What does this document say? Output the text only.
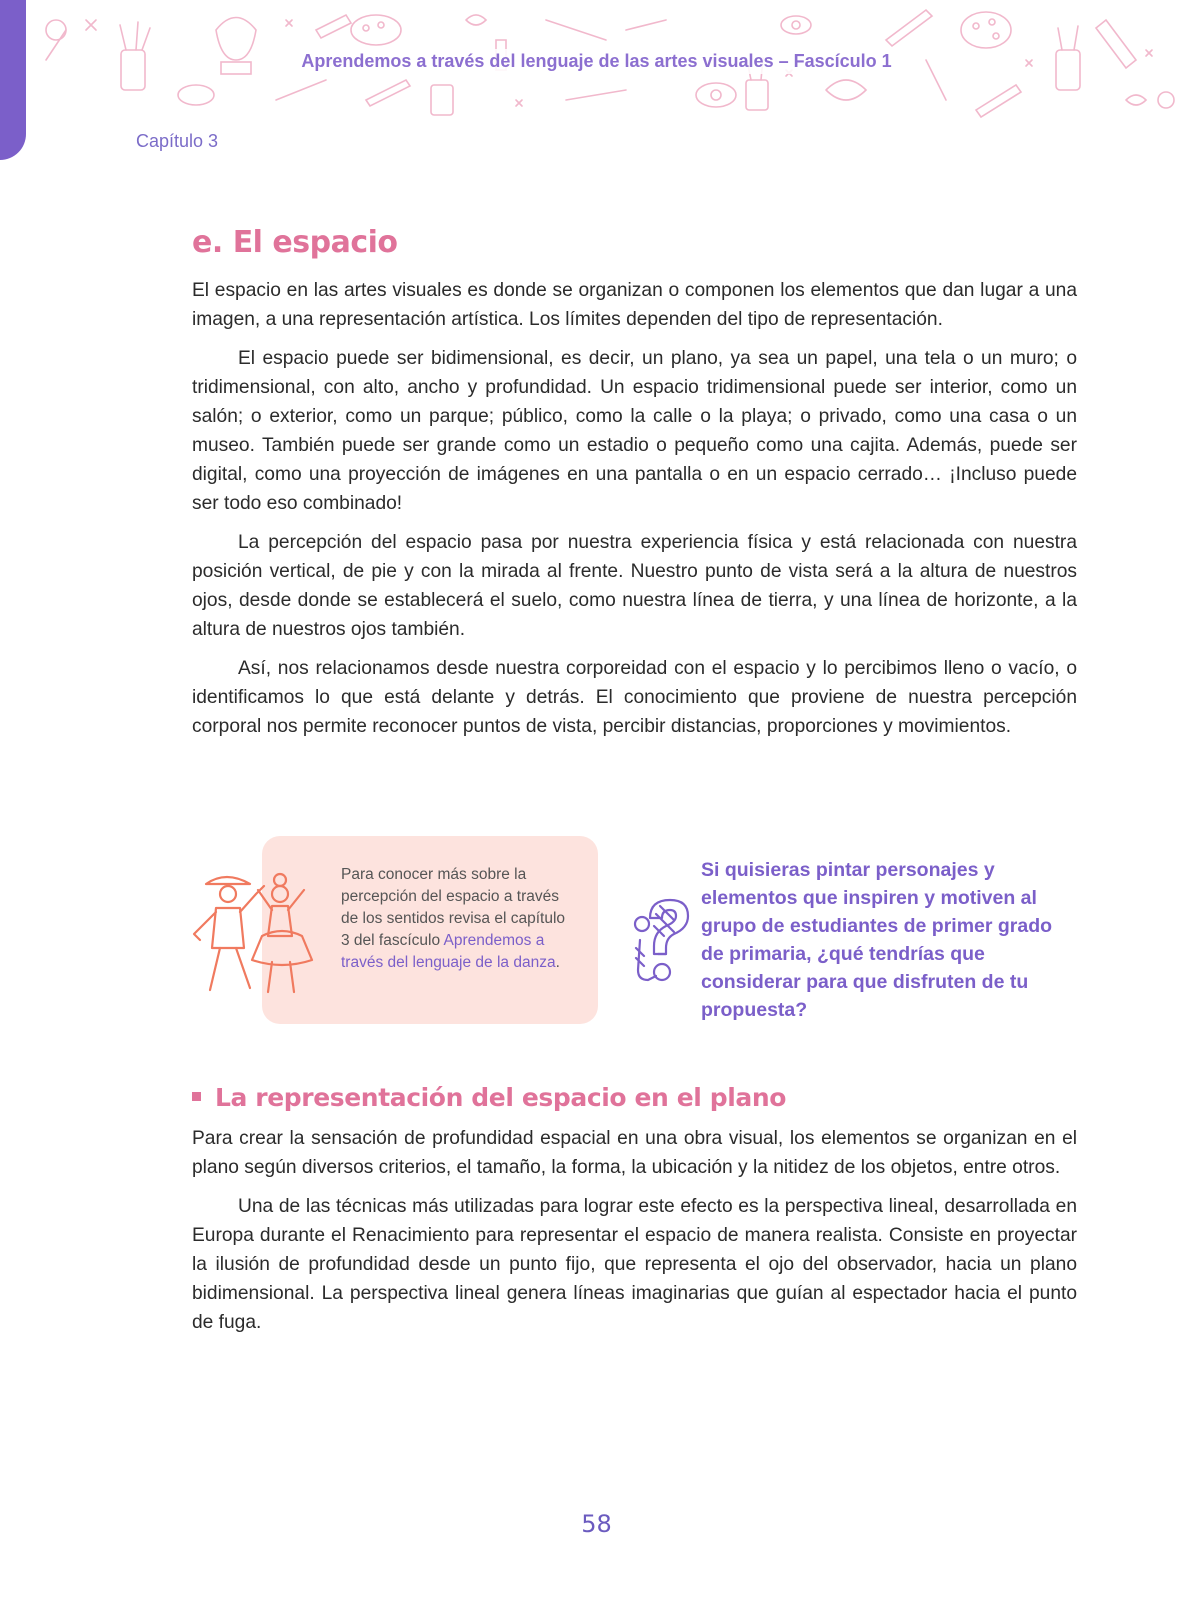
Aprendemos a través del lenguaje de las artes visuales – Fascículo 1
Capítulo 3
e. El espacio

El espacio en las artes visuales es donde se organizan o componen los elementos que dan lugar a una imagen, a una representación artística. Los límites dependen del tipo de representación.

El espacio puede ser bidimensional, es decir, un plano, ya sea un papel, una tela o un muro; o tridimensional, con alto, ancho y profundidad. Un espacio tridimensional puede ser interior, como un salón; o exterior, como un parque; público, como la calle o la playa; o privado, como una casa o un museo. También puede ser grande como un estadio o pequeño como una cajita. Además, puede ser digital, como una proyección de imágenes en una pantalla o en un espacio cerrado… ¡Incluso puede ser todo eso combinado!

La percepción del espacio pasa por nuestra experiencia física y está relacionada con nuestra posición vertical, de pie y con la mirada al frente. Nuestro punto de vista será a la altura de nuestros ojos, desde donde se establecerá el suelo, como nuestra línea de tierra, y una línea de horizonte, a la altura de nuestros ojos también.

Así, nos relacionamos desde nuestra corporeidad con el espacio y lo percibimos lleno o vacío, o identificamos lo que está delante y detrás. El conocimiento que proviene de nuestra percepción corporal nos permite reconocer puntos de vista, percibir distancias, proporciones y movimientos.

Para conocer más sobre la percepción del espacio a través de los sentidos revisa el capítulo 3 del fascículo Aprendemos a través del lenguaje de la danza.
Si quisieras pintar personajes y elementos que inspiren y motiven al grupo de estudiantes de primer grado de primaria, ¿qué tendrías que considerar para que disfruten de tu propuesta?
La representación del espacio en el plano

Para crear la sensación de profundidad espacial en una obra visual, los elementos se organizan en el plano según diversos criterios, el tamaño, la forma, la ubicación y la nitidez de los objetos, entre otros.

Una de las técnicas más utilizadas para lograr este efecto es la perspectiva lineal, desarrollada en Europa durante el Renacimiento para representar el espacio de manera realista. Consiste en proyectar la ilusión de profundidad desde un punto fijo, que representa el ojo del observador, hacia un plano bidimensional. La perspectiva lineal genera líneas imaginarias que guían al espectador hacia el punto de fuga.

58
